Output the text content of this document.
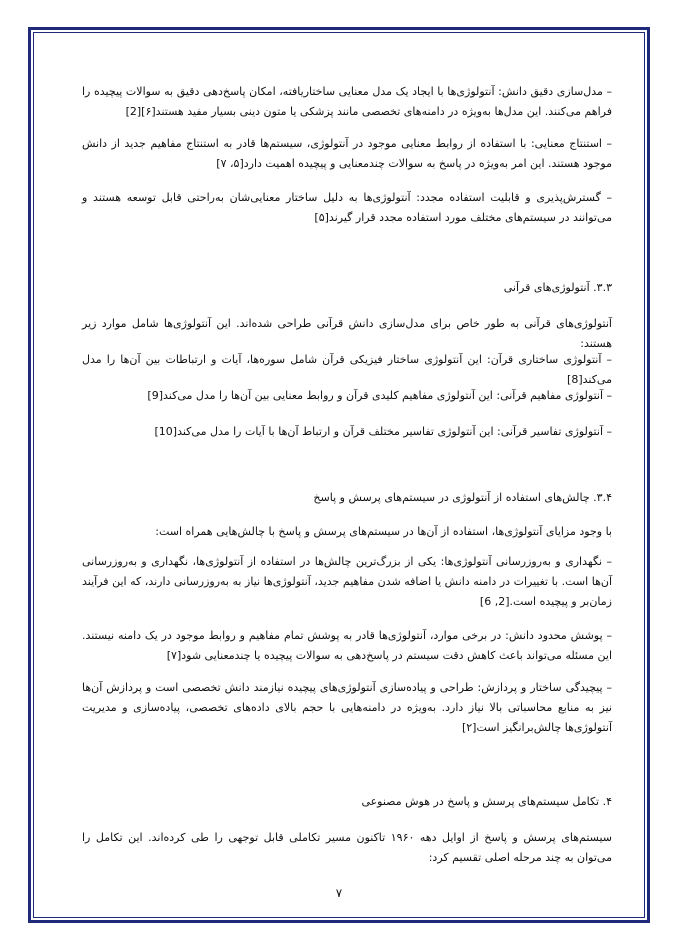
– مدل‌سازی دقیق دانش: آنتولوژی‌ها با ایجاد یک مدل معنایی ساختاریافته، امکان پاسخ‌دهی دقیق به سوالات پیچیده را فراهم می‌کنند. این مدل‌ها به‌ویژه در دامنه‌های تخصصی مانند پزشکی یا متون دینی بسیار مفید هستند[۶][2]

– استنتاج معنایی: با استفاده از روابط معنایی موجود در آنتولوژی، سیستم‌ها قادر به استنتاج مفاهیم جدید از دانش موجود هستند. این امر به‌ویژه در پاسخ به سوالات چندمعنایی و پیچیده اهمیت دارد[۵، ۷]

– گسترش‌پذیری و قابلیت استفاده مجدد: آنتولوژی‌ها به دلیل ساختار معنایی‌شان به‌راحتی قابل توسعه هستند و می‌توانند در سیستم‌های مختلف مورد استفاده مجدد قرار گیرند[۵]

۳.۳. آنتولوژی‌های قرآنی

آنتولوژی‌های قرآنی به طور خاص برای مدل‌سازی دانش قرآنی طراحی شده‌اند. این آنتولوژی‌ها شامل موارد زیر هستند:

– آنتولوژی ساختاری قرآن: این آنتولوژی ساختار فیزیکی قرآن شامل سوره‌ها، آیات و ارتباطات بین آن‌ها را مدل می‌کند[8]

– آنتولوژی مفاهیم قرآنی: این آنتولوژی مفاهیم کلیدی قرآن و روابط معنایی بین آن‌ها را مدل می‌کند[9]

– آنتولوژی تفاسیر قرآنی: این آنتولوژی تفاسیر مختلف قرآن و ارتباط آن‌ها با آیات را مدل می‌کند[10]

۳.۴. چالش‌های استفاده از آنتولوژی در سیستم‌های پرسش و پاسخ

با وجود مزایای آنتولوژی‌ها، استفاده از آن‌ها در سیستم‌های پرسش و پاسخ با چالش‌هایی همراه است:

– نگهداری و به‌روزرسانی آنتولوژی‌ها: یکی از بزرگ‌ترین چالش‌ها در استفاده از آنتولوژی‌ها، نگهداری و به‌روزرسانی آن‌ها است. با تغییرات در دامنه دانش یا اضافه شدن مفاهیم جدید، آنتولوژی‌ها نیاز به به‌روزرسانی دارند، که این فرآیند زمان‌بر و پیچیده است.[2, 6]

– پوشش محدود دانش: در برخی موارد، آنتولوژی‌ها قادر به پوشش تمام مفاهیم و روابط موجود در یک دامنه نیستند. این مسئله می‌تواند باعث کاهش دقت سیستم در پاسخ‌دهی به سوالات پیچیده یا چندمعنایی شود[۷]

– پیچیدگی ساختار و پردازش: طراحی و پیاده‌سازی آنتولوژی‌های پیچیده نیازمند دانش تخصصی است و پردازش آن‌ها نیز به منابع محاسباتی بالا نیاز دارد. به‌ویژه در دامنه‌هایی با حجم بالای داده‌های تخصصی، پیاده‌سازی و مدیریت آنتولوژی‌ها چالش‌برانگیز است[۲]

۴. تکامل سیستم‌های پرسش و پاسخ در هوش مصنوعی

سیستم‌های پرسش و پاسخ از اوایل دهه ۱۹۶۰ تاکنون مسیر تکاملی قابل توجهی را طی کرده‌اند. این تکامل را می‌توان به چند مرحله اصلی تقسیم کرد:

۷
